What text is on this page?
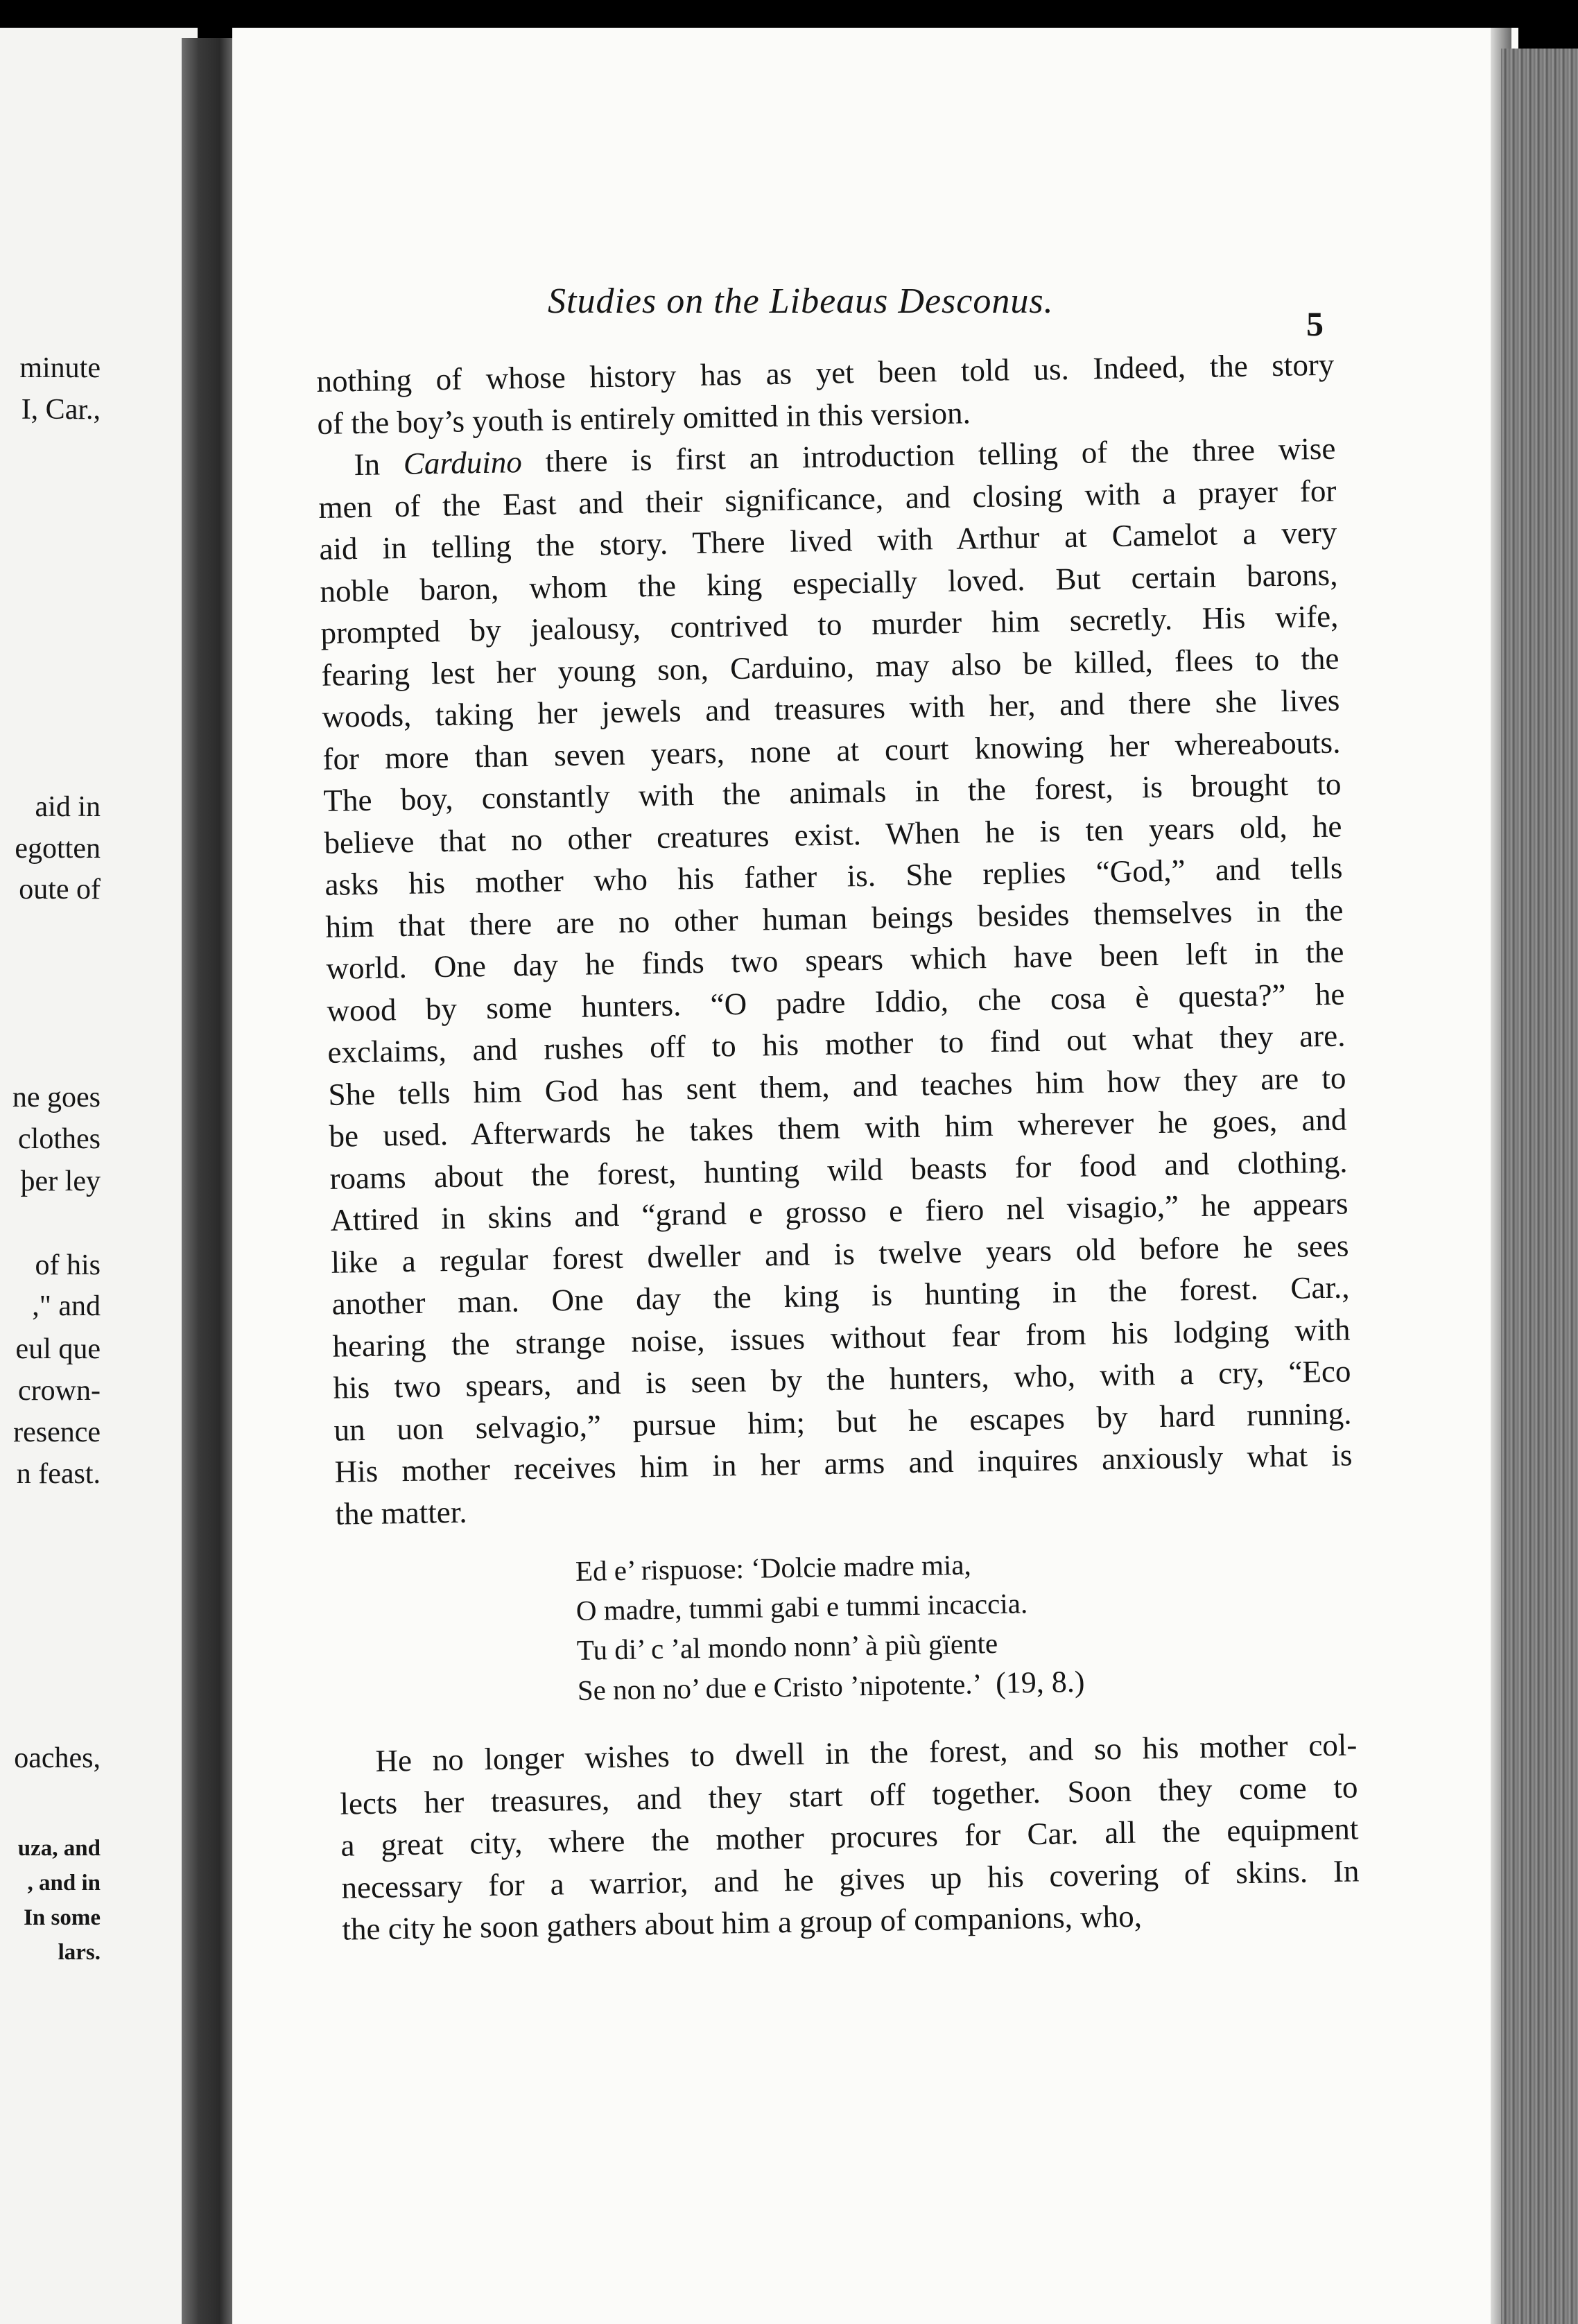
minute
I, Car.,
aid in
egotten
oute of
ne goes
clothes
þer ley
of his
," and
eul que
crown-
resence
n feast.
oaches,
uza, and
, and in
In some
lars.
Studies on the Libeaus Desconus.
5
nothing of whose history has as yet been told us. Indeed, the story
of the boy’s youth is entirely omitted in this version.
In Carduino there is first an introduction telling of the three wise
men of the East and their significance, and closing with a prayer for
aid in telling the story. There lived with Arthur at Camelot a very
noble baron, whom the king especially loved. But certain barons,
prompted by jealousy, contrived to murder him secretly. His wife,
fearing lest her young son, Carduino, may also be killed, flees to the
woods, taking her jewels and treasures with her, and there she lives
for more than seven years, none at court knowing her whereabouts.
The boy, constantly with the animals in the forest, is brought to
believe that no other creatures exist. When he is ten years old, he
asks his mother who his father is. She replies “God,” and tells
him that there are no other human beings besides themselves in the
world. One day he finds two spears which have been left in the
wood by some hunters. “O padre Iddio, che cosa è questa?” he
exclaims, and rushes off to his mother to find out what they are.
She tells him God has sent them, and teaches him how they are to
be used. Afterwards he takes them with him wherever he goes, and
roams about the forest, hunting wild beasts for food and clothing.
Attired in skins and “grand e grosso e fiero nel visagio,” he appears
like a regular forest dweller and is twelve years old before he sees
another man. One day the king is hunting in the forest. Car.,
hearing the strange noise, issues without fear from his lodging with
his two spears, and is seen by the hunters, who, with a cry, “Eco
un uon selvagio,” pursue him; but he escapes by hard running.
His mother receives him in her arms and inquires anxiously what is
the matter.
Ed e’ rispuose: ‘Dolcie madre mia,
O madre, tummi gabi e tummi incaccia.
Tu di’ c ’al mondo nonn’ à più gïente
Se non no’ due e Cristo ’nipotente.’ (19, 8.)
He no longer wishes to dwell in the forest, and so his mother col-
lects her treasures, and they start off together. Soon they come to
a great city, where the mother procures for Car. all the equipment
necessary for a warrior, and he gives up his covering of skins. In
the city he soon gathers about him a group of companions, who,
